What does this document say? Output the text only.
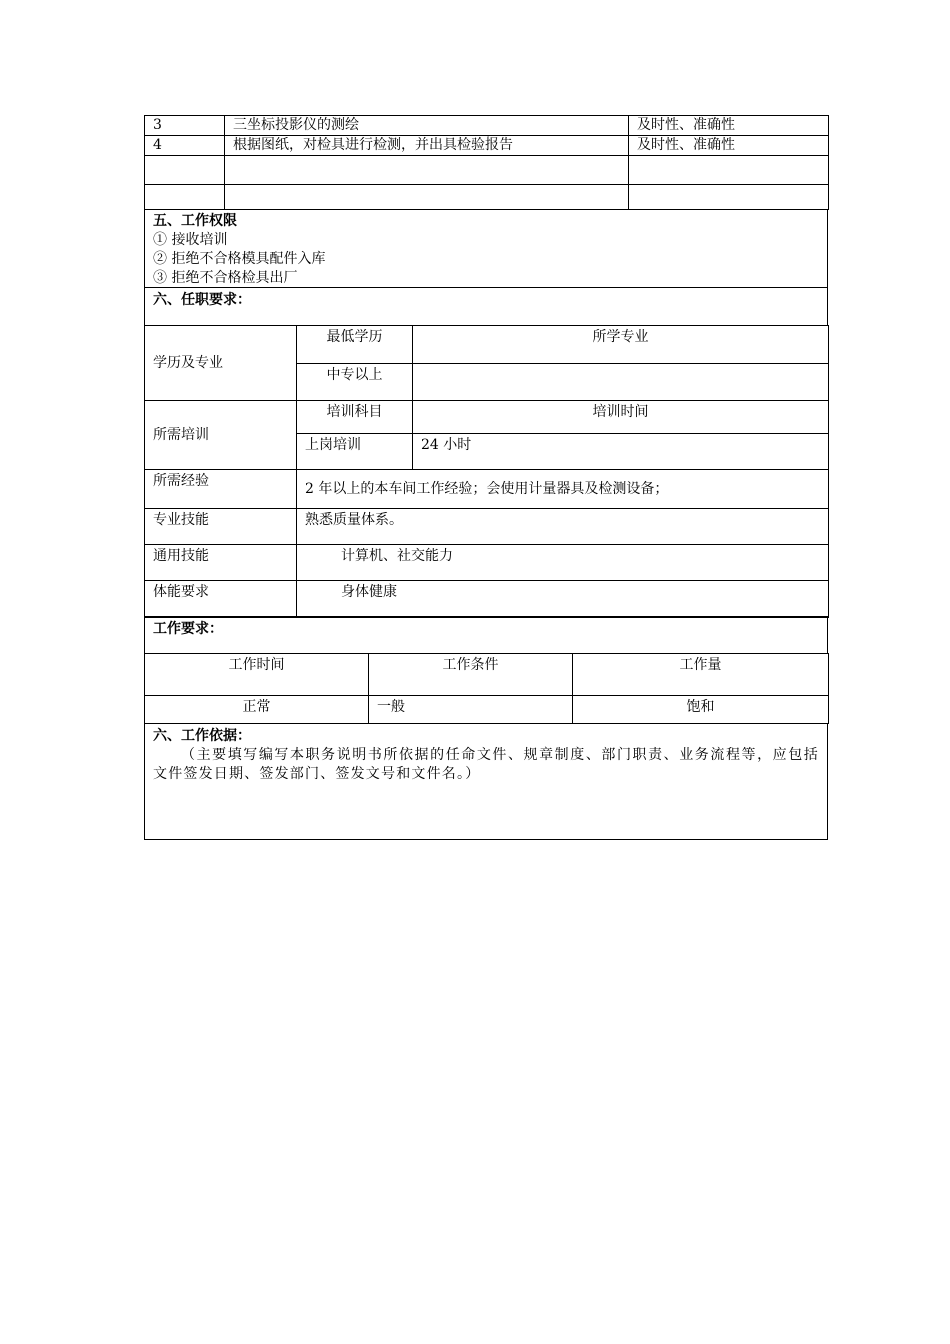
3	三坐标投影仪的测绘	及时性、准确性
4	根据图纸，对检具进行检测，并出具检验报告	及时性、准确性

五、工作权限
① 接收培训
② 拒绝不合格模具配件入库
③ 拒绝不合格检具出厂
六、任职要求：
学历及专业	最低学历	所学专业
	中专以上	
所需培训	培训科目	培训时间
	上岗培训	24 小时
所需经验	2 年以上的本车间工作经验；会使用计量器具及检测设备；	
专业技能	熟悉质量体系。	
通用技能	计算机、社交能力	
体能要求	身体健康	
工作要求：
工作时间	工作条件	工作量
正常	一般	饱和
六、工作依据：
（主要填写编写本职务说明书所依据的任命文件、规章制度、部门职责、业务流程等，应包括文件签发日期、签发部门、签发文号和文件名。）
